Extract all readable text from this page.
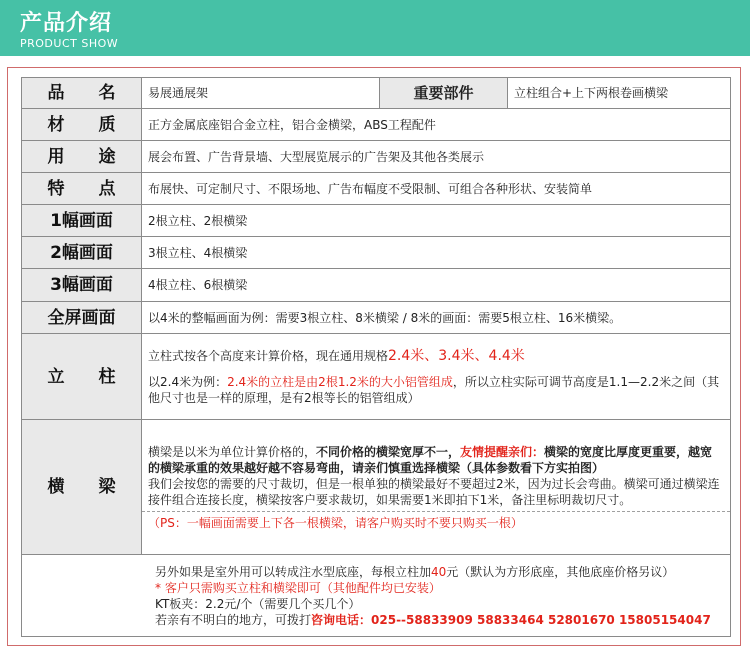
产品介绍
PRODUCT SHOW
品　　名	易展通展架	重要部件	立柱组合+上下两根卷画横梁
材　　质	正方金属底座铝合金立柱，铝合金横梁，ABS工程配件		
用　　途	展会布置、广告背景墙、大型展览展示的广告架及其他各类展示		
特　　点	布展快、可定制尺寸、不限场地、广告布幅度不受限制、可组合各种形状、安装简单		
1幅画面	2根立柱、2根横梁		
2幅画面	3根立柱、4根横梁		
3幅画面	4根立柱、6根横梁		
全屏画面	以4米的整幅画面为例：需要3根立柱、8米横梁 / 8米的画面：需要5根立柱、16米横梁。		
立　　柱	立柱式按各个高度来计算价格，现在通用规格2.4米、3.4米、4.4米

以2.4米为例：2.4米的立柱是由2根1.2米的大小铝管组成，所以立柱实际可调节高度是1.1—2.2米之间（其他尺寸也是一样的原理，是有2根等长的铝管组成）		

横　　梁	横梁是以米为单位计算价格的，不同价格的横梁宽厚不一，友情提醒亲们：横梁的宽度比厚度更重要，越宽的横梁承重的效果越好越不容易弯曲，请亲们慎重选择横梁（具体参数看下方实拍图）

我们会按您的需要的尺寸裁切，但是一根单独的横梁最好不要超过2米，因为过长会弯曲。横梁可通过横梁连接件组合连接长度，横梁按客户要求裁切，如果需要1米即拍下1米，备注里标明裁切尺寸。

（PS：一幅画面需要上下各一根横梁，请客户购买时不要只购买一根）		

另外如果是室外用可以转成注水型底座，每根立柱加40元（默认为方形底座，其他底座价格另议）

* 客户只需购买立柱和横梁即可（其他配件均已安装）

KT板夹：2.2元/个（需要几个买几个）

若亲有不明白的地方，可拨打咨询电话：025--58833909 58833464 52801670 15805154047			
